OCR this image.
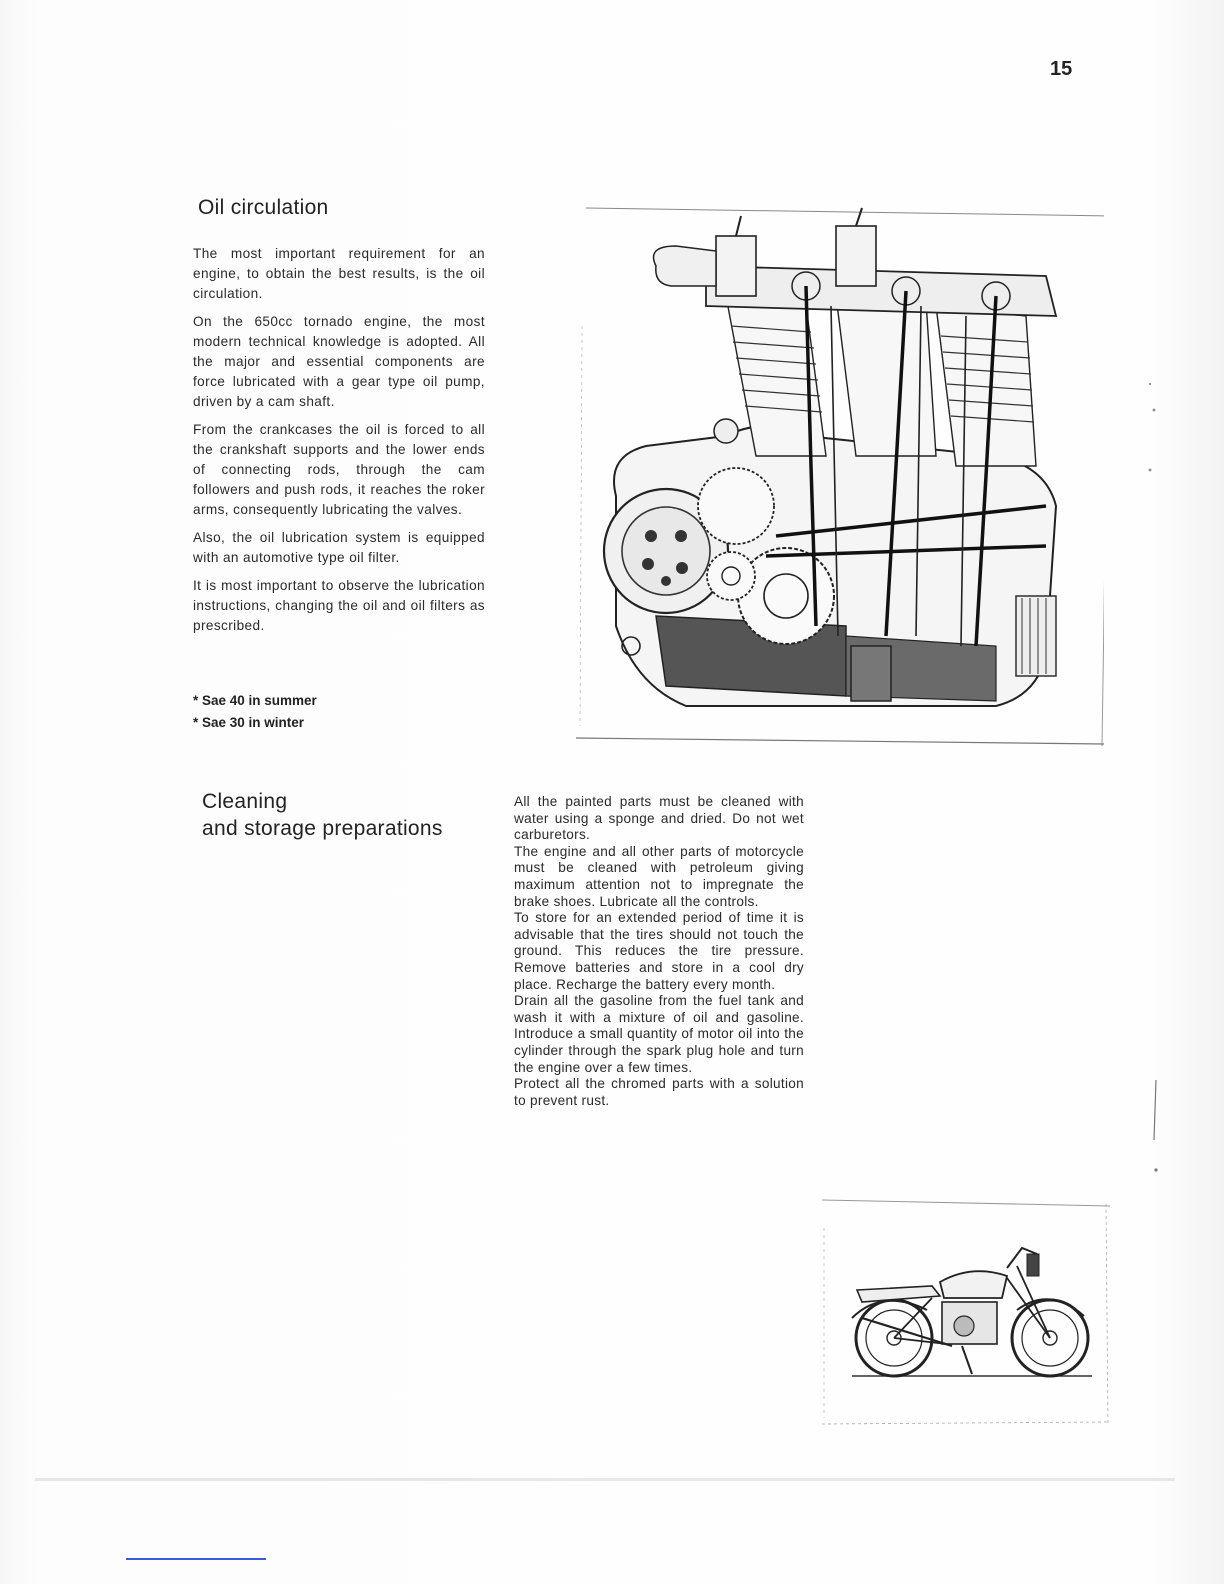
15
Oil circulation

The most important requirement for an engine, to obtain the best results, is the oil circulation.

On the 650cc tornado engine, the most modern technical knowledge is adopted. All the major and essential components are force lubricated with a gear type oil pump, driven by a cam shaft.

From the crankcases the oil is forced to all the crankshaft supports and the lower ends of connecting rods, through the cam followers and push rods, it reaches the roker arms, consequently lubricating the valves.

Also, the oil lubrication system is equipped with an automotive type oil filter.

It is most important to observe the lubrication instructions, changing the oil and oil filters as prescribed.

* Sae 40 in summer
* Sae 30 in winter
Cleaning
and storage preparations

All the painted parts must be cleaned with water using a sponge and dried. Do not wet carburetors.

The engine and all other parts of motorcycle must be cleaned with petroleum giving maximum attention not to impregnate the brake shoes. Lubricate all the controls.

To store for an extended period of time it is advisable that the tires should not touch the ground. This reduces the tire pressure. Remove batteries and store in a cool dry place. Recharge the battery every month.

Drain all the gasoline from the fuel tank and wash it with a mixture of oil and gasoline. Introduce a small quantity of motor oil into the cylinder through the spark plug hole and turn the engine over a few times.

Protect all the chromed parts with a solution to prevent rust.
